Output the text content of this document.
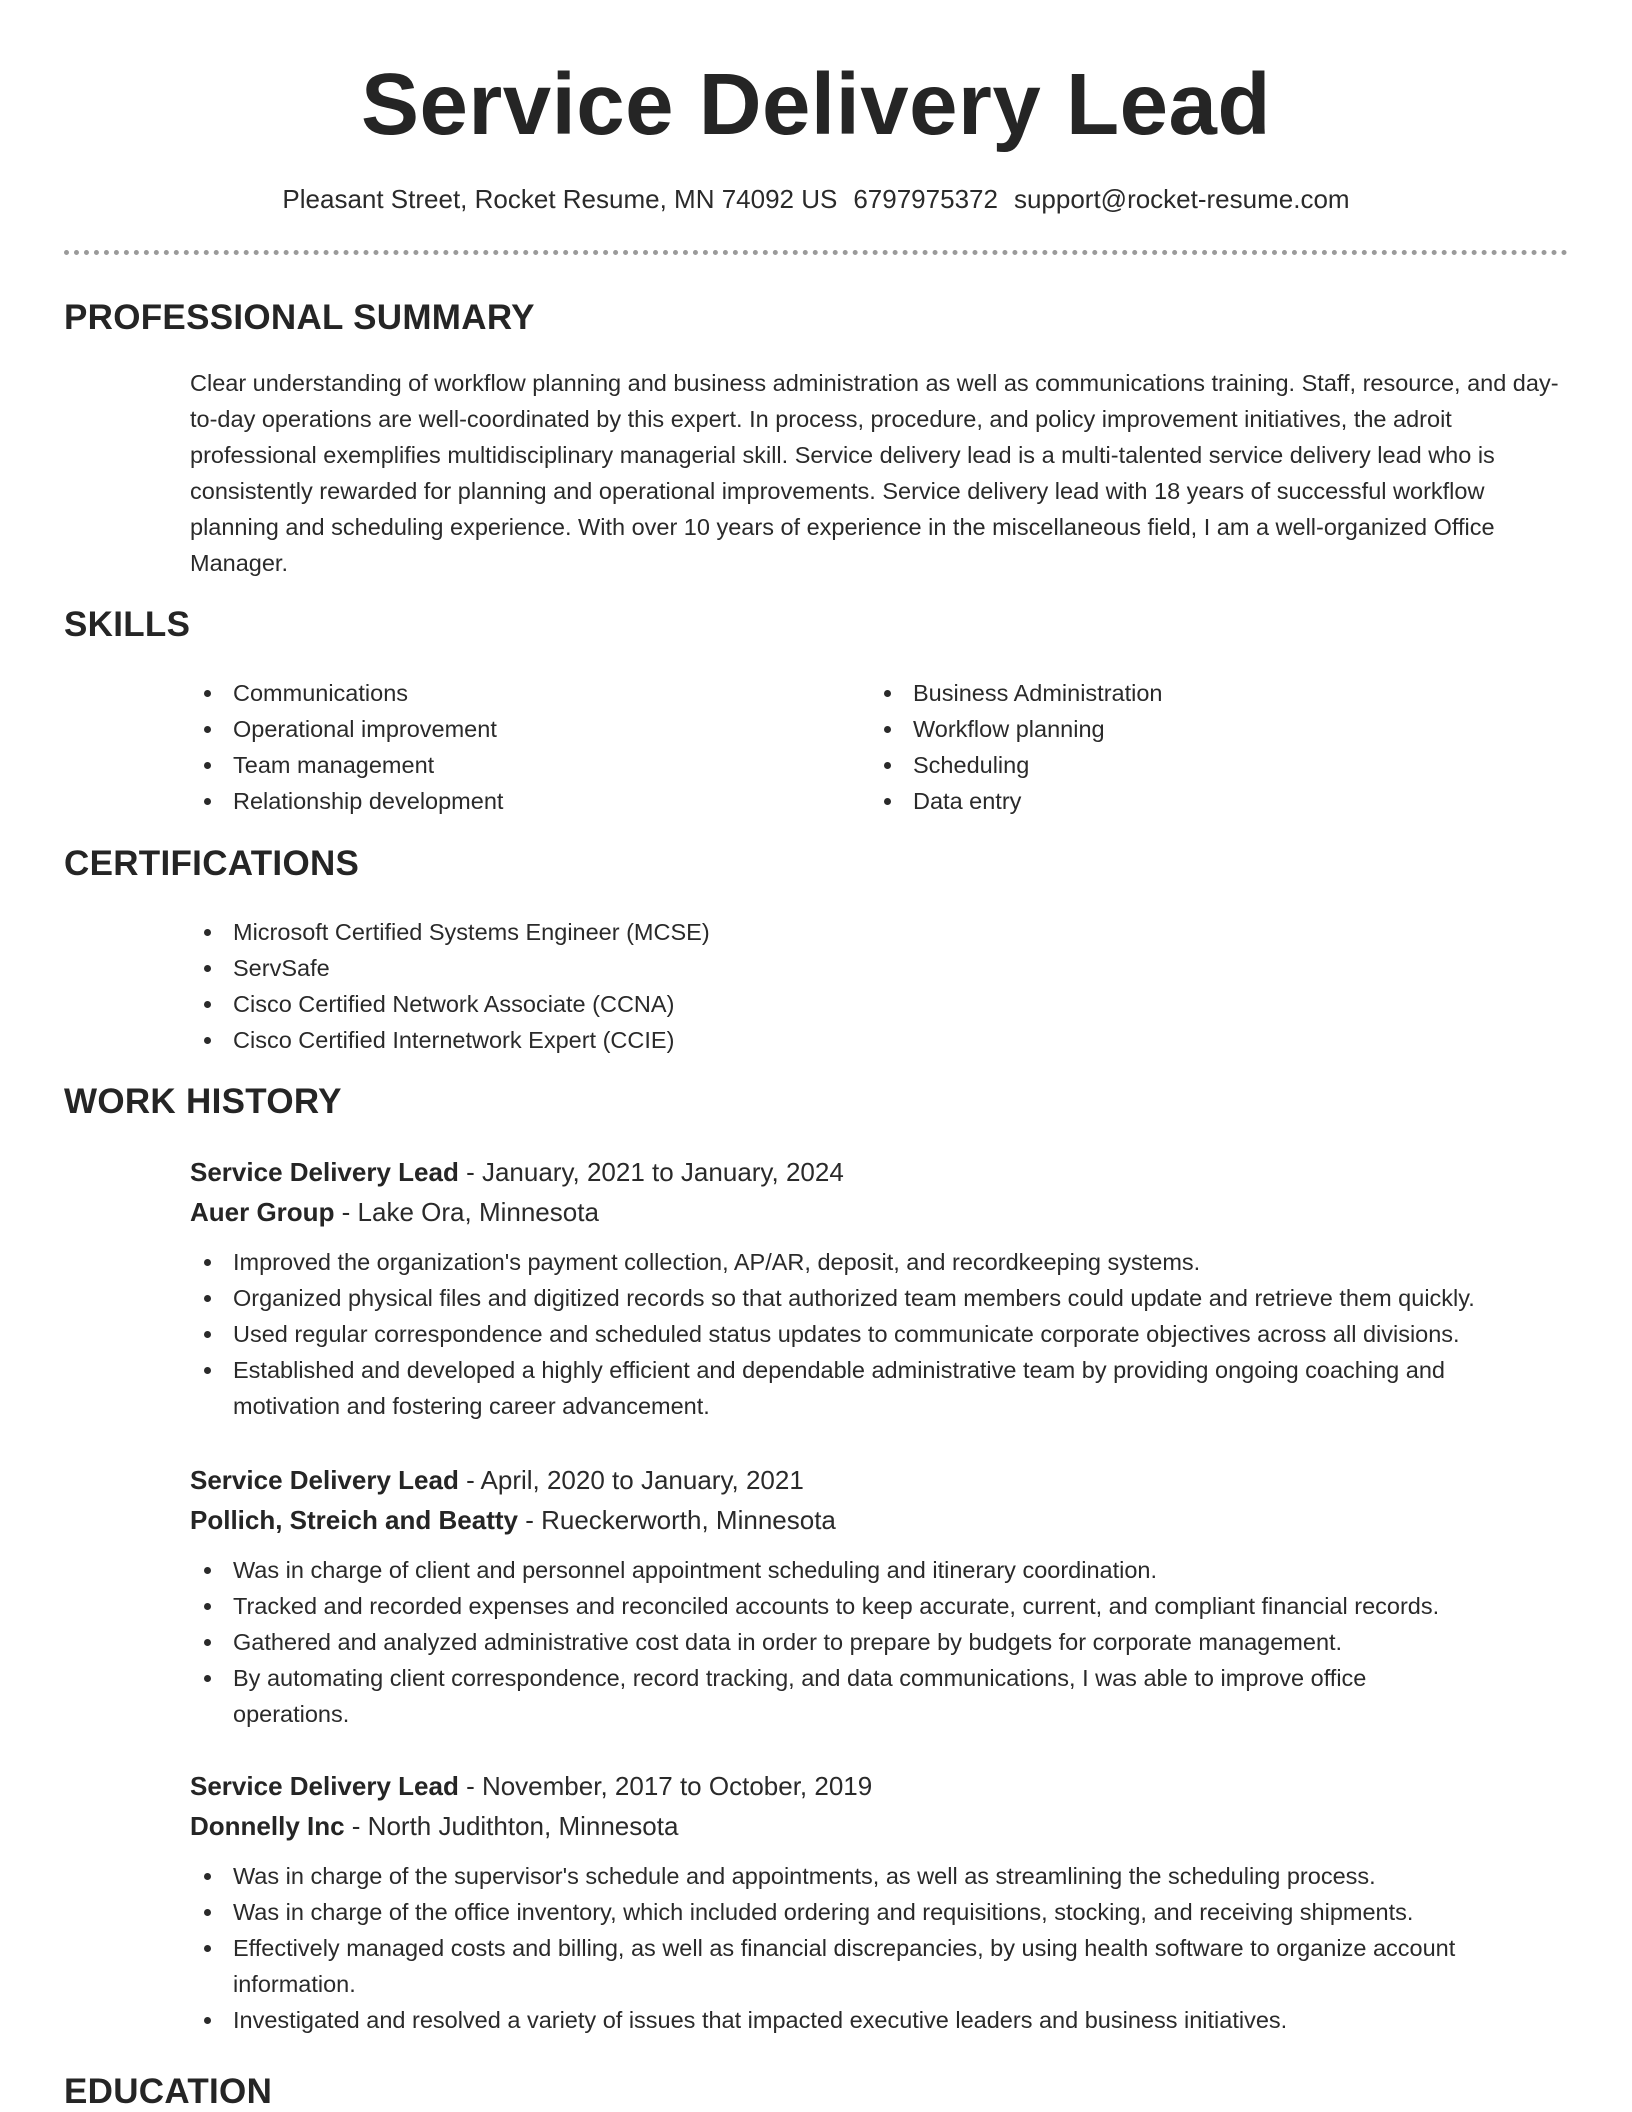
Service Delivery Lead
Pleasant Street, Rocket Resume, MN 74092 US 6797975372 support@rocket-resume.com
PROFESSIONAL SUMMARY
Clear understanding of workflow planning and business administration as well as communications training. Staff, resource, and day-to-day operations are well-coordinated by this expert. In process, procedure, and policy improvement initiatives, the adroit professional exemplifies multidisciplinary managerial skill. Service delivery lead is a multi-talented service delivery lead who is consistently rewarded for planning and operational improvements. Service delivery lead with 18 years of successful workflow planning and scheduling experience. With over 10 years of experience in the miscellaneous field, I am a well-organized Office Manager.
SKILLS
Communications
Operational improvement
Team management
Relationship development
Business Administration
Workflow planning
Scheduling
Data entry
CERTIFICATIONS
Microsoft Certified Systems Engineer (MCSE)
ServSafe
Cisco Certified Network Associate (CCNA)
Cisco Certified Internetwork Expert (CCIE)
WORK HISTORY
Service Delivery Lead - January, 2021 to January, 2024
Auer Group - Lake Ora, Minnesota
Improved the organization's payment collection, AP/AR, deposit, and recordkeeping systems.
Organized physical files and digitized records so that authorized team members could update and retrieve them quickly.
Used regular correspondence and scheduled status updates to communicate corporate objectives across all divisions.
Established and developed a highly efficient and dependable administrative team by providing ongoing coaching and motivation and fostering career advancement.
Service Delivery Lead - April, 2020 to January, 2021
Pollich, Streich and Beatty - Rueckerworth, Minnesota
Was in charge of client and personnel appointment scheduling and itinerary coordination.
Tracked and recorded expenses and reconciled accounts to keep accurate, current, and compliant financial records.
Gathered and analyzed administrative cost data in order to prepare by budgets for corporate management.
By automating client correspondence, record tracking, and data communications, I was able to improve office operations.
Service Delivery Lead - November, 2017 to October, 2019
Donnelly Inc - North Judithton, Minnesota
Was in charge of the supervisor's schedule and appointments, as well as streamlining the scheduling process.
Was in charge of the office inventory, which included ordering and requisitions, stocking, and receiving shipments.
Effectively managed costs and billing, as well as financial discrepancies, by using health software to organize account information.
Investigated and resolved a variety of issues that impacted executive leaders and business initiatives.
EDUCATION
